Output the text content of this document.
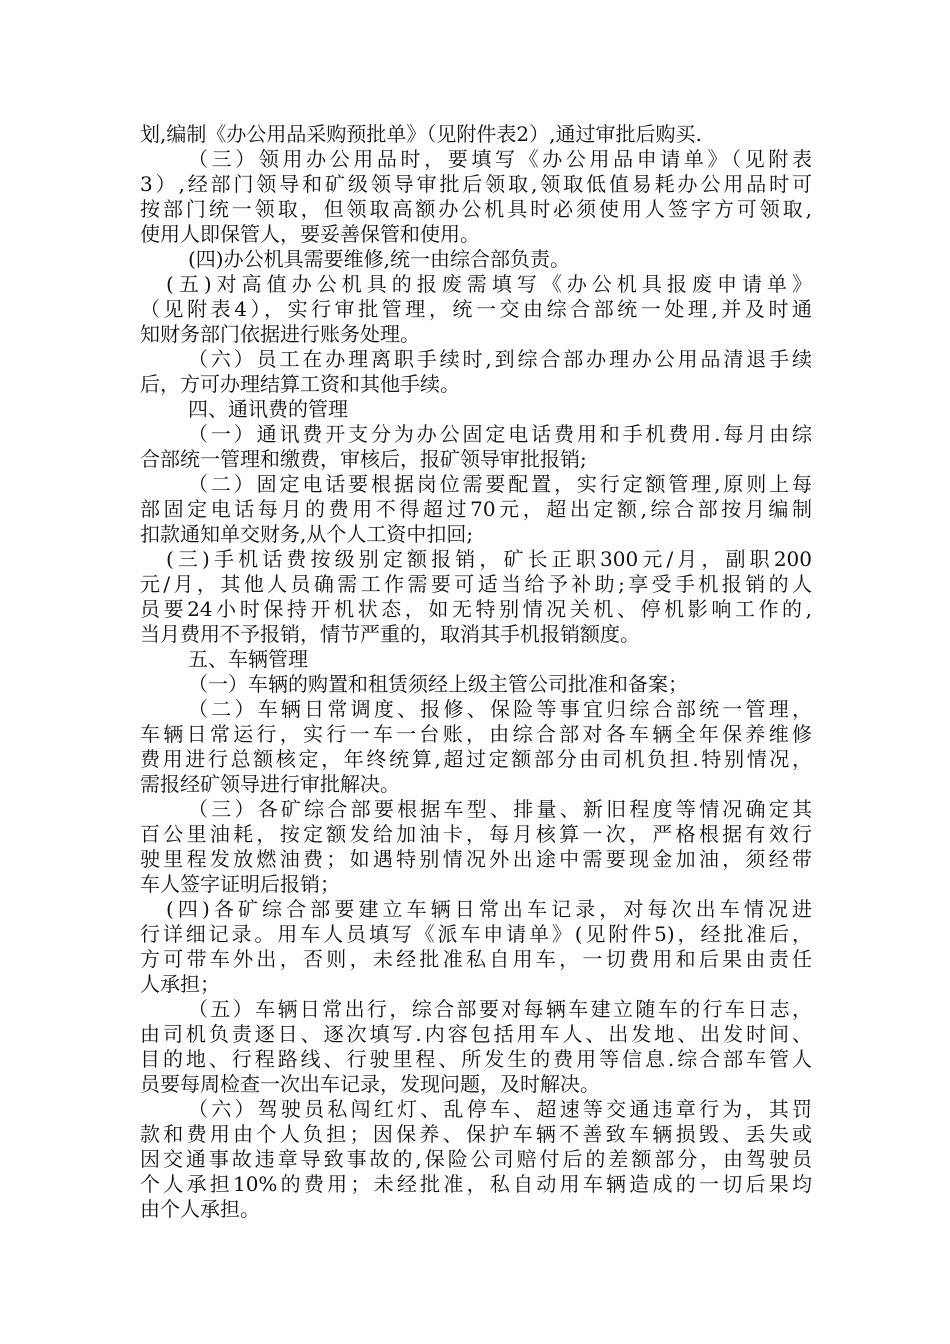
划,编制《办公用品采购预批单》（见附件表2）,通过审批后购买.
（三）领用办公用品时，要填写《办公用品申请单》（见附表
3）,经部门领导和矿级领导审批后领取,领取低值易耗办公用品时可
按部门统一领取，但领取高额办公机具时必须使用人签字方可领取,
使用人即保管人，要妥善保管和使用。
(四)办公机具需要维修,统一由综合部负责。
(五)对高值办公机具的报废需填写《办公机具报废申请单》
（见附表4），实行审批管理，统一交由综合部统一处理,并及时通
知财务部门依据进行账务处理。
（六）员工在办理离职手续时,到综合部办理办公用品清退手续
后，方可办理结算工资和其他手续。
四、通讯费的管理
（一）通讯费开支分为办公固定电话费用和手机费用.每月由综
合部统一管理和缴费，审核后，报矿领导审批报销;
（二）固定电话要根据岗位需要配置，实行定额管理,原则上每
部固定电话每月的费用不得超过70元，超出定额,综合部按月编制
扣款通知单交财务,从个人工资中扣回;
(三)手机话费按级别定额报销，矿长正职300元/月，副职200
元/月，其他人员确需工作需要可适当给予补助;享受手机报销的人
员要24小时保持开机状态，如无特别情况关机、停机影响工作的,
当月费用不予报销，情节严重的，取消其手机报销额度。
五、车辆管理
（一）车辆的购置和租赁须经上级主管公司批准和备案；
（二）车辆日常调度、报修、保险等事宜归综合部统一管理，
车辆日常运行，实行一车一台账，由综合部对各车辆全年保养维修
费用进行总额核定，年终统算,超过定额部分由司机负担.特别情况，
需报经矿领导进行审批解决。
（三）各矿综合部要根据车型、排量、新旧程度等情况确定其
百公里油耗，按定额发给加油卡，每月核算一次，严格根据有效行
驶里程发放燃油费；如遇特别情况外出途中需要现金加油，须经带
车人签字证明后报销；
(四)各矿综合部要建立车辆日常出车记录，对每次出车情况进
行详细记录。用车人员填写《派车申请单》(见附件5)，经批准后，
方可带车外出，否则，未经批准私自用车，一切费用和后果由责任
人承担；
（五）车辆日常出行，综合部要对每辆车建立随车的行车日志，
由司机负责逐日、逐次填写.内容包括用车人、出发地、出发时间、
目的地、行程路线、行驶里程、所发生的费用等信息.综合部车管人
员要每周检查一次出车记录，发现问题，及时解决。
（六）驾驶员私闯红灯、乱停车、超速等交通违章行为，其罚
款和费用由个人负担；因保养、保护车辆不善致车辆损毁、丢失或
因交通事故违章导致事故的,保险公司赔付后的差额部分，由驾驶员
个人承担10%的费用；未经批准，私自动用车辆造成的一切后果均
由个人承担。
